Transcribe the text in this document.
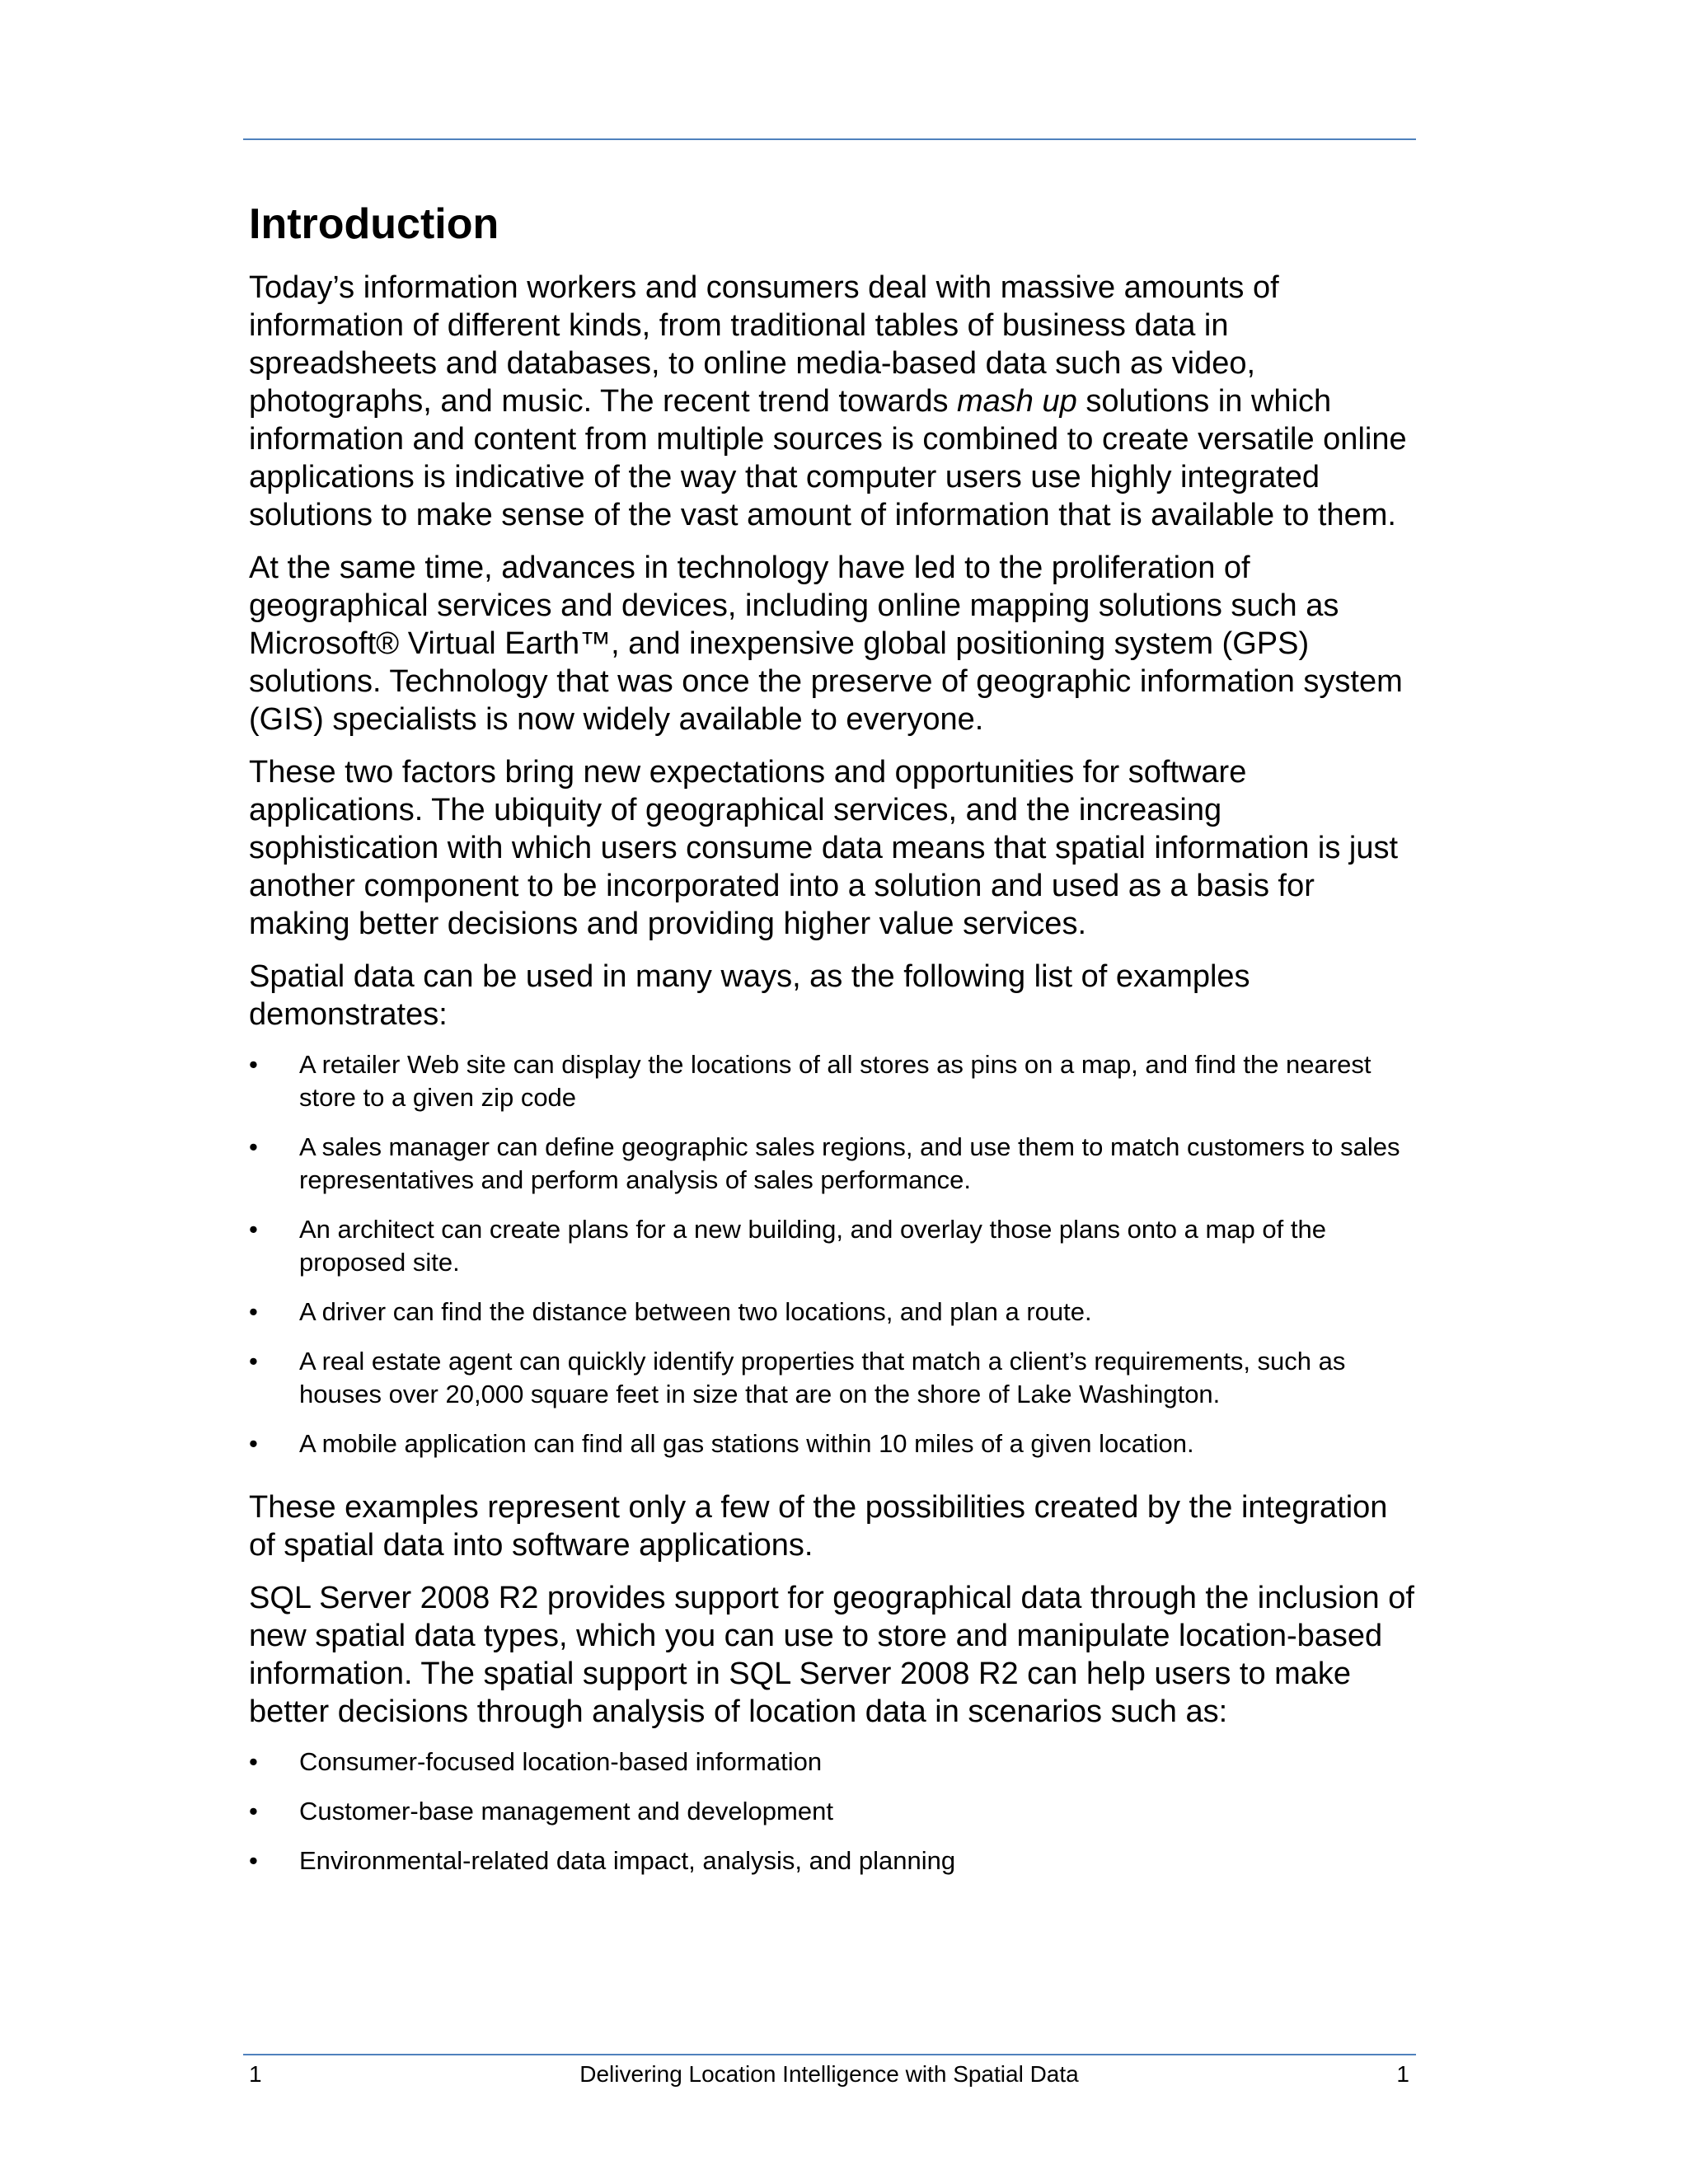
Introduction

Today’s information workers and consumers deal with massive amounts of information of different kinds, from traditional tables of business data in spreadsheets and databases, to online media-based data such as video, photographs, and music. The recent trend towards mash up solutions in which information and content from multiple sources is combined to create versatile online applications is indicative of the way that computer users use highly integrated solutions to make sense of the vast amount of information that is available to them.

At the same time, advances in technology have led to the proliferation of geographical services and devices, including online mapping solutions such as Microsoft® Virtual Earth™, and inexpensive global positioning system (GPS) solutions. Technology that was once the preserve of geographic information system (GIS) specialists is now widely available to everyone.

These two factors bring new expectations and opportunities for software applications. The ubiquity of geographical services, and the increasing sophistication with which users consume data means that spatial information is just another component to be incorporated into a solution and used as a basis for making better decisions and providing higher value services.

Spatial data can be used in many ways, as the following list of examples demonstrates:

• A retailer Web site can display the locations of all stores as pins on a map, and find the nearest store to a given zip code
• A sales manager can define geographic sales regions, and use them to match customers to sales representatives and perform analysis of sales performance.
• An architect can create plans for a new building, and overlay those plans onto a map of the proposed site.
• A driver can find the distance between two locations, and plan a route.
• A real estate agent can quickly identify properties that match a client’s requirements, such as houses over 20,000 square feet in size that are on the shore of Lake Washington.
• A mobile application can find all gas stations within 10 miles of a given location.

These examples represent only a few of the possibilities created by the integration of spatial data into software applications.

SQL Server 2008 R2 provides support for geographical data through the inclusion of new spatial data types, which you can use to store and manipulate location-based information. The spatial support in SQL Server 2008 R2 can help users to make better decisions through analysis of location data in scenarios such as:

• Consumer-focused location-based information
• Customer-base management and development
• Environmental-related data impact, analysis, and planning
1	Delivering Location Intelligence with Spatial Data	1
